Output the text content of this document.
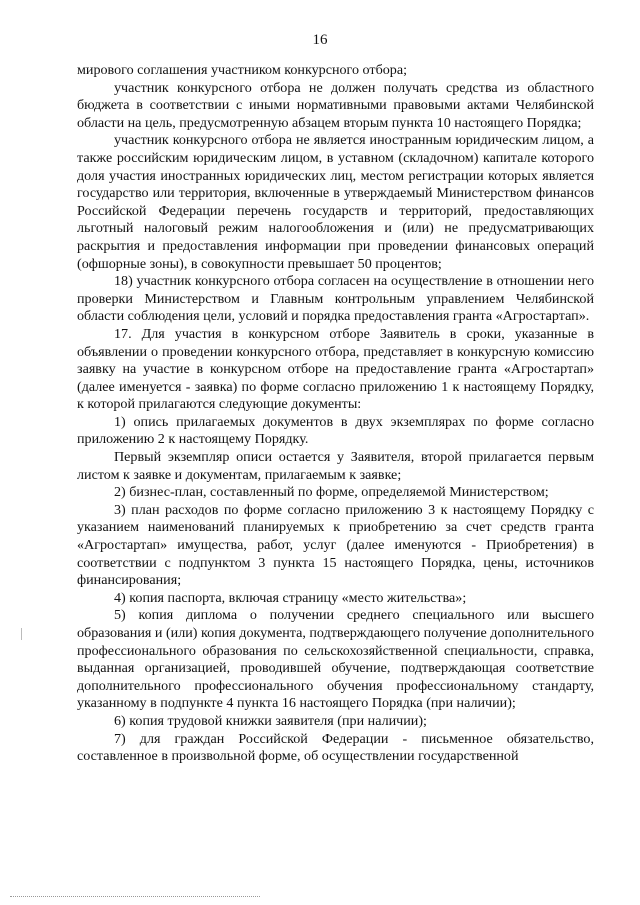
16

мирового соглашения участником конкурсного отбора;

участник конкурсного отбора не должен получать средства из областного бюджета в соответствии с иными нормативными правовыми актами Челябинской области на цель, предусмотренную абзацем вторым пункта 10 настоящего Порядка;

участник конкурсного отбора не является иностранным юридическим лицом, а также российским юридическим лицом, в уставном (складочном) капитале которого доля участия иностранных юридических лиц, местом регистрации которых является государство или территория, включенные в утверждаемый Министерством финансов Российской Федерации перечень государств и территорий, предоставляющих льготный налоговый режим налогообложения и (или) не предусматривающих раскрытия и предоставления информации при проведении финансовых операций (офшорные зоны), в совокупности превышает 50 процентов;

18) участник конкурсного отбора согласен на осуществление в отношении него проверки Министерством и Главным контрольным управлением Челябинской области соблюдения цели, условий и порядка предоставления гранта «Агростартап».

17. Для участия в конкурсном отборе Заявитель в сроки, указанные в объявлении о проведении конкурсного отбора, представляет в конкурсную комиссию заявку на участие в конкурсном отборе на предоставление гранта «Агростартап» (далее именуется - заявка) по форме согласно приложению 1 к настоящему Порядку, к которой прилагаются следующие документы:

1) опись прилагаемых документов в двух экземплярах по форме согласно приложению 2 к настоящему Порядку.

Первый экземпляр описи остается у Заявителя, второй прилагается первым листом к заявке и документам, прилагаемым к заявке;

2) бизнес-план, составленный по форме, определяемой Министерством;

3) план расходов по форме согласно приложению 3 к настоящему Порядку с указанием наименований планируемых к приобретению за счет средств гранта «Агростартап» имущества, работ, услуг (далее именуются - Приобретения) в соответствии с подпунктом 3 пункта 15 настоящего Порядка, цены, источников финансирования;

4) копия паспорта, включая страницу «место жительства»;

5) копия диплома о получении среднего специального или высшего образования и (или) копия документа, подтверждающего получение дополнительного профессионального образования по сельскохозяйственной специальности, справка, выданная организацией, проводившей обучение, подтверждающая соответствие дополнительного профессионального обучения профессиональному стандарту, указанному в подпункте 4 пункта 16 настоящего Порядка (при наличии);

6) копия трудовой книжки заявителя (при наличии);

7) для граждан Российской Федерации - письменное обязательство, составленное в произвольной форме, об осуществлении государственной
